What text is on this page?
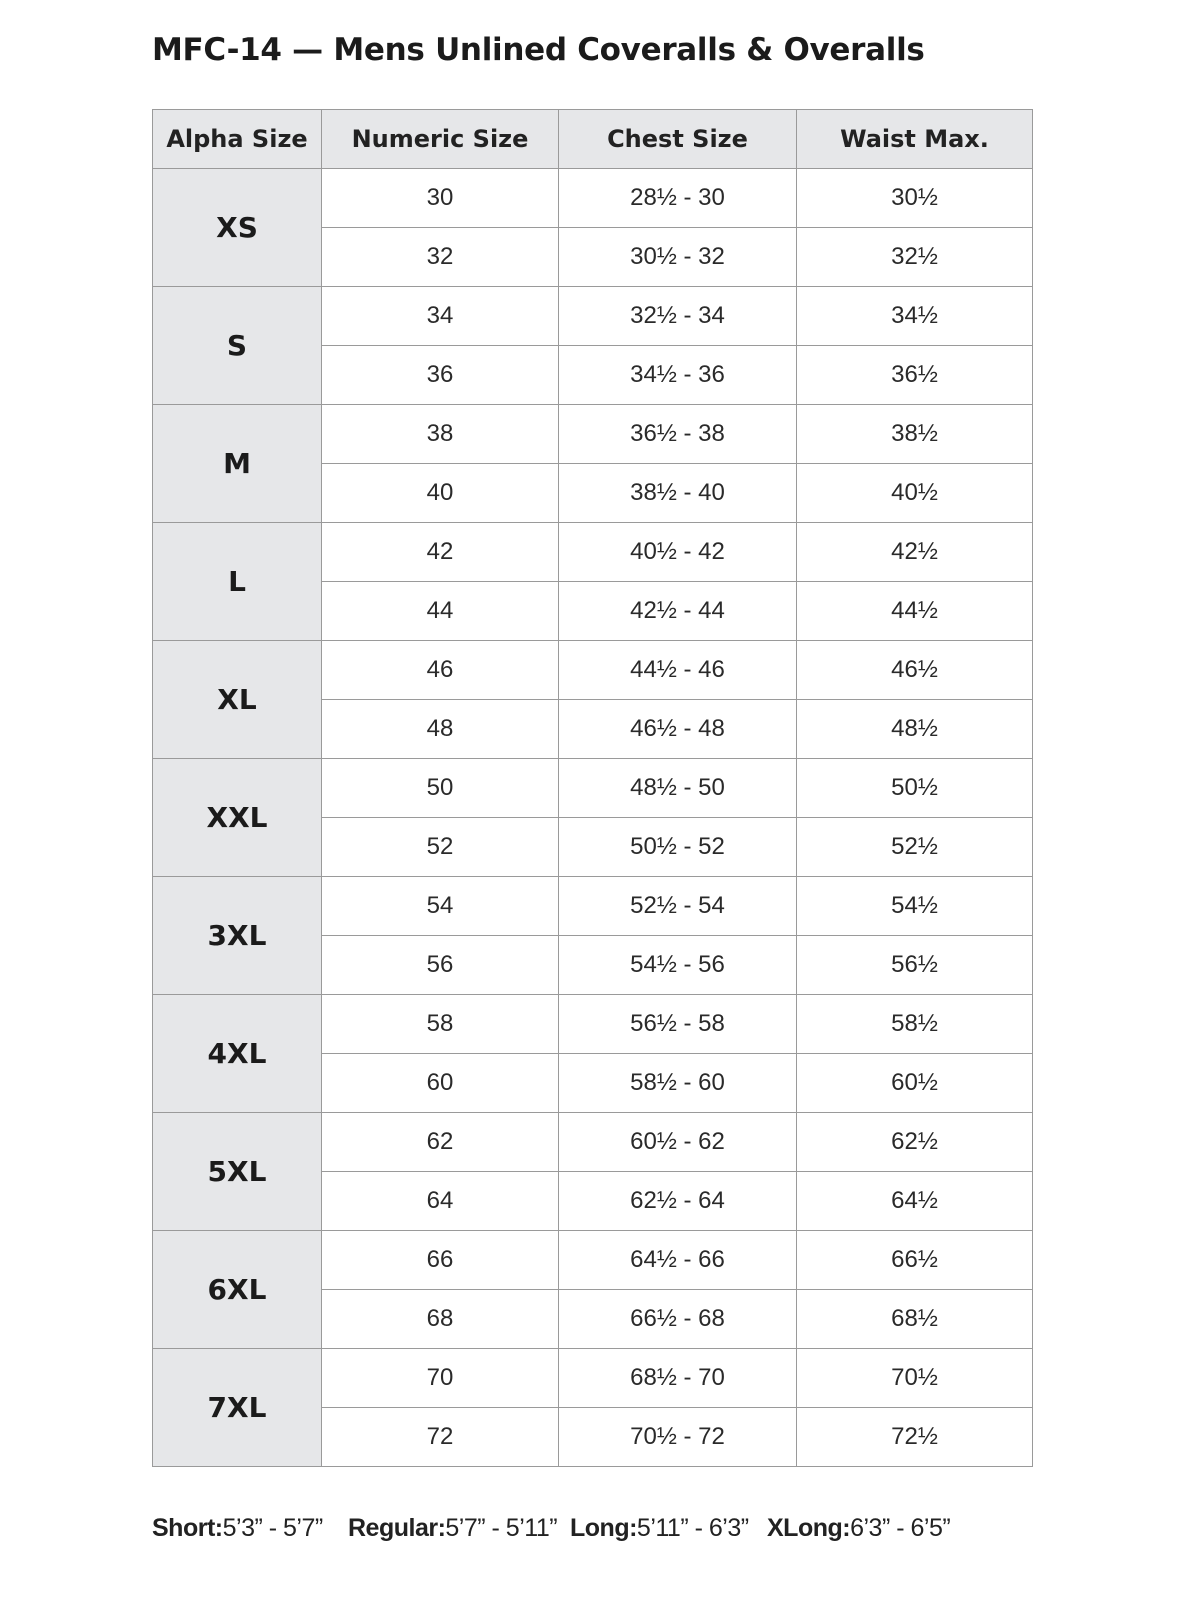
MFC-14 — Mens Unlined Coveralls & Overalls
Alpha Size	Numeric Size	Chest Size	Waist Max.
XS	30	28½ - 30	30½
	32	30½ - 32	32½
S	34	32½ - 34	34½
	36	34½ - 36	36½
M	38	36½ - 38	38½
	40	38½ - 40	40½
L	42	40½ - 42	42½
	44	42½ - 44	44½
XL	46	44½ - 46	46½
	48	46½ - 48	48½
XXL	50	48½ - 50	50½
	52	50½ - 52	52½
3XL	54	52½ - 54	54½
	56	54½ - 56	56½
4XL	58	56½ - 58	58½
	60	58½ - 60	60½
5XL	62	60½ - 62	62½
	64	62½ - 64	64½
6XL	66	64½ - 66	66½
	68	66½ - 68	68½
7XL	70	68½ - 70	70½
	72	70½ - 72	72½
Short:5’3” - 5’7” Regular:5’7” - 5’11” Long:5’11” - 6’3” XLong:6’3” - 6’5”
